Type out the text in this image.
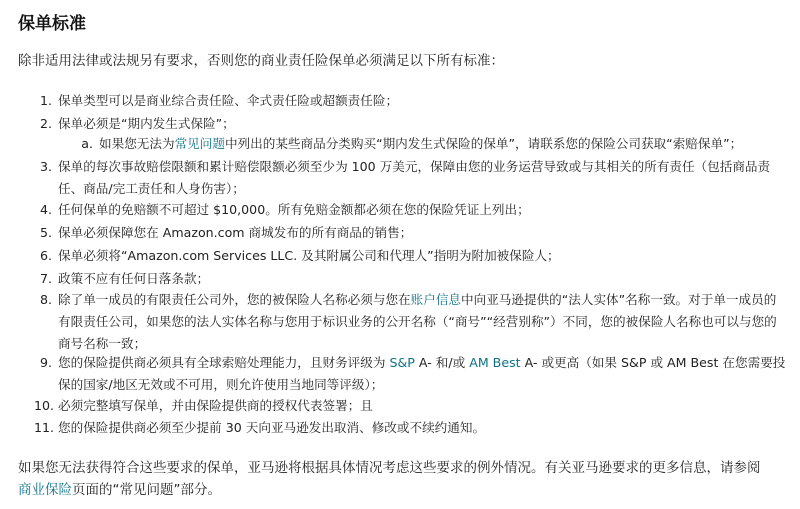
保单标准
除非适用法律或法规另有要求，否则您的商业责任险保单必须满足以下所有标准：
1. 保单类型可以是商业综合责任险、伞式责任险或超额责任险；
2. 保单必须是“期内发生式保险”；
a. 如果您无法为常见问题中列出的某些商品分类购买“期内发生式保险的保单”，请联系您的保险公司获取“索赔保单”；
3. 保单的每次事故赔偿限额和累计赔偿限额必须至少为 100 万美元，保障由您的业务运营导致或与其相关的所有责任（包括商品责
任、商品/完工责任和人身伤害）；
4. 任何保单的免赔额不可超过 $10,000。所有免赔金额都必须在您的保险凭证上列出；
5. 保单必须保障您在 Amazon.com 商城发布的所有商品的销售；
6. 保单必须将“Amazon.com Services LLC. 及其附属公司和代理人”指明为附加被保险人；
7. 政策不应有任何日落条款；
8. 除了单一成员的有限责任公司外，您的被保险人名称必须与您在账户信息中向亚马逊提供的“法人实体”名称一致。对于单一成员的
有限责任公司，如果您的法人实体名称与您用于标识业务的公开名称（“商号”“经营别称”）不同，您的被保险人名称也可以与您的
商号名称一致；
9. 您的保险提供商必须具有全球索赔处理能力，且财务评级为 S&P A- 和/或 AM Best A- 或更高（如果 S&P 或 AM Best 在您需要投
保的国家/地区无效或不可用，则允许使用当地同等评级）；
10. 必须完整填写保单，并由保险提供商的授权代表签署；且
11. 您的保险提供商必须至少提前 30 天向亚马逊发出取消、修改或不续约通知。
如果您无法获得符合这些要求的保单，亚马逊将根据具体情况考虑这些要求的例外情况。有关亚马逊要求的更多信息，请参阅
商业保险页面的“常见问题”部分。
